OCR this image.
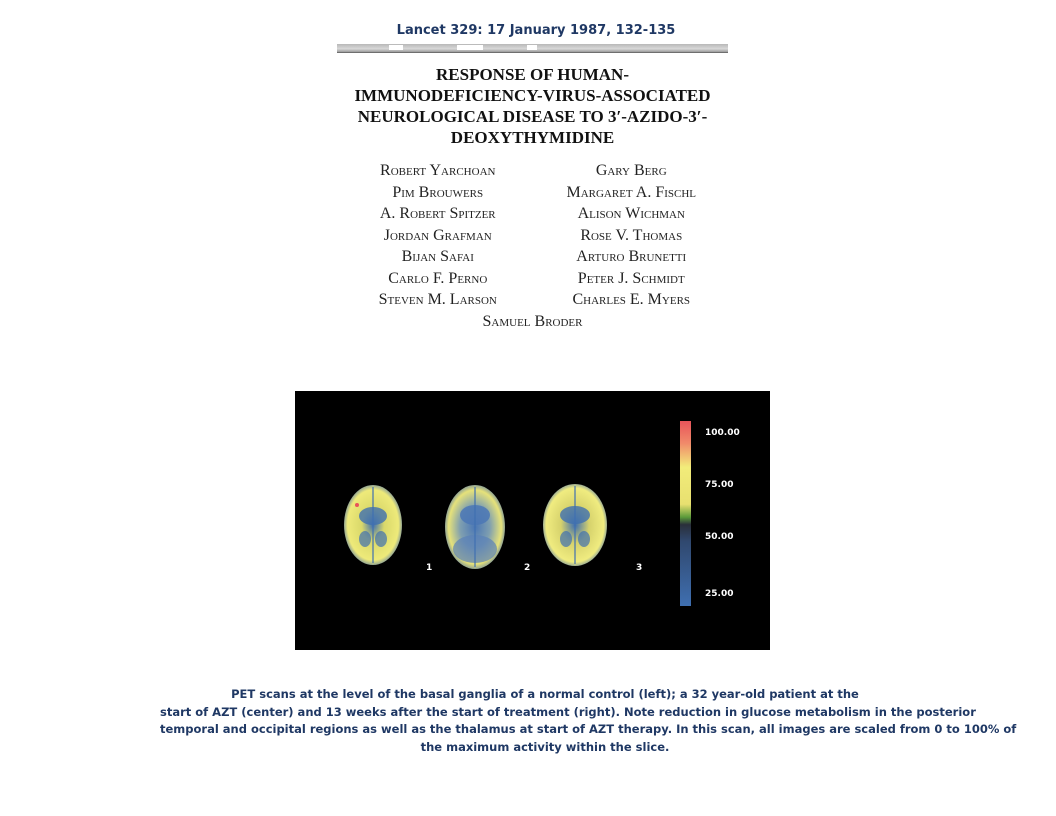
Lancet 329: 17 January 1987, 132-135
RESPONSE OF HUMAN-
IMMUNODEFICIENCY-VIRUS-ASSOCIATED
NEUROLOGICAL DISEASE TO 3′-AZIDO-3′-
DEOXYTHYMIDINE
Robert Yarchoan	Gary Berg
Pim Brouwers	Margaret A. Fischl
A. Robert Spitzer	Alison Wichman
Jordan Grafman	Rose V. Thomas
Bijan Safai	Arturo Brunetti
Carlo F. Perno	Peter J. Schmidt
Steven M. Larson	Charles E. Myers
Samuel Broder
1	2	3
100.00
75.00
50.00
25.00
PET scans at the level of the basal ganglia of a normal control (left); a 32 year-old patient at the
start of AZT (center) and 13 weeks after the start of treatment (right). Note reduction in glucose metabolism in the posterior
temporal and occipital regions as well as the thalamus at start of AZT therapy. In this scan, all images are scaled from 0 to 100% of
the maximum activity within the slice.
